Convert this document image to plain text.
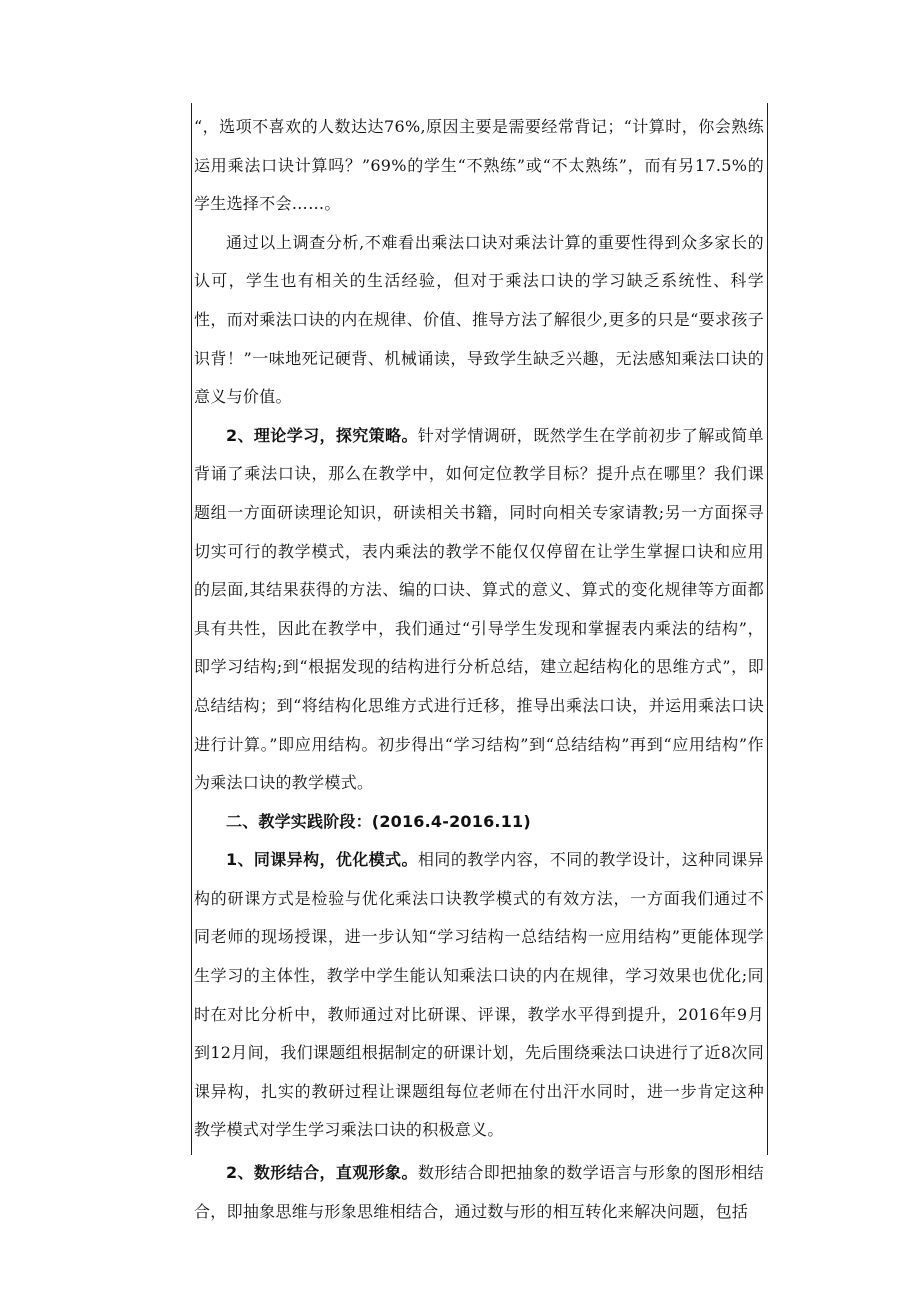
“，选项不喜欢的人数达达76%,原因主要是需要经常背记；“计算时，你会熟练运用乘法口诀计算吗？”69%的学生“不熟练”或“不太熟练”，而有另17.5%的学生选择不会……。

通过以上调查分析,不难看出乘法口诀对乘法计算的重要性得到众多家长的认可，学生也有相关的生活经验，但对于乘法口诀的学习缺乏系统性、科学性，而对乘法口诀的内在规律、价值、推导方法了解很少,更多的只是“要求孩子识背！”一味地死记硬背、机械诵读，导致学生缺乏兴趣，无法感知乘法口诀的意义与价值。

2、理论学习，探究策略。针对学情调研，既然学生在学前初步了解或简单背诵了乘法口诀，那么在教学中，如何定位教学目标？提升点在哪里？我们课题组一方面研读理论知识，研读相关书籍，同时向相关专家请教;另一方面探寻切实可行的教学模式，表内乘法的教学不能仅仅停留在让学生掌握口诀和应用的层面,其结果获得的方法、编的口诀、算式的意义、算式的变化规律等方面都具有共性，因此在教学中，我们通过“引导学生发现和掌握表内乘法的结构”，即学习结构;到“根据发现的结构进行分析总结，建立起结构化的思维方式”，即总结结构；到“将结构化思维方式进行迁移，推导出乘法口诀，并运用乘法口诀进行计算。”即应用结构。初步得出“学习结构”到“总结结构”再到“应用结构”作为乘法口诀的教学模式。

二、教学实践阶段：(2016.4-2016.11)

1、同课异构，优化模式。相同的教学内容，不同的教学设计，这种同课异构的研课方式是检验与优化乘法口诀教学模式的有效方法，一方面我们通过不同老师的现场授课，进一步认知“学习结构一总结结构一应用结构”更能体现学生学习的主体性，教学中学生能认知乘法口诀的内在规律，学习效果也优化;同时在对比分析中，教师通过对比研课、评课，教学水平得到提升，2016年9月到12月间，我们课题组根据制定的研课计划，先后围绕乘法口诀进行了近8次同课异构，扎实的教研过程让课题组每位老师在付出汗水同时，进一步肯定这种教学模式对学生学习乘法口诀的积极意义。

2、数形结合，直观形象。数形结合即把抽象的数学语言与形象的图形相结合，即抽象思维与形象思维相结合，通过数与形的相互转化来解决问题，包括
